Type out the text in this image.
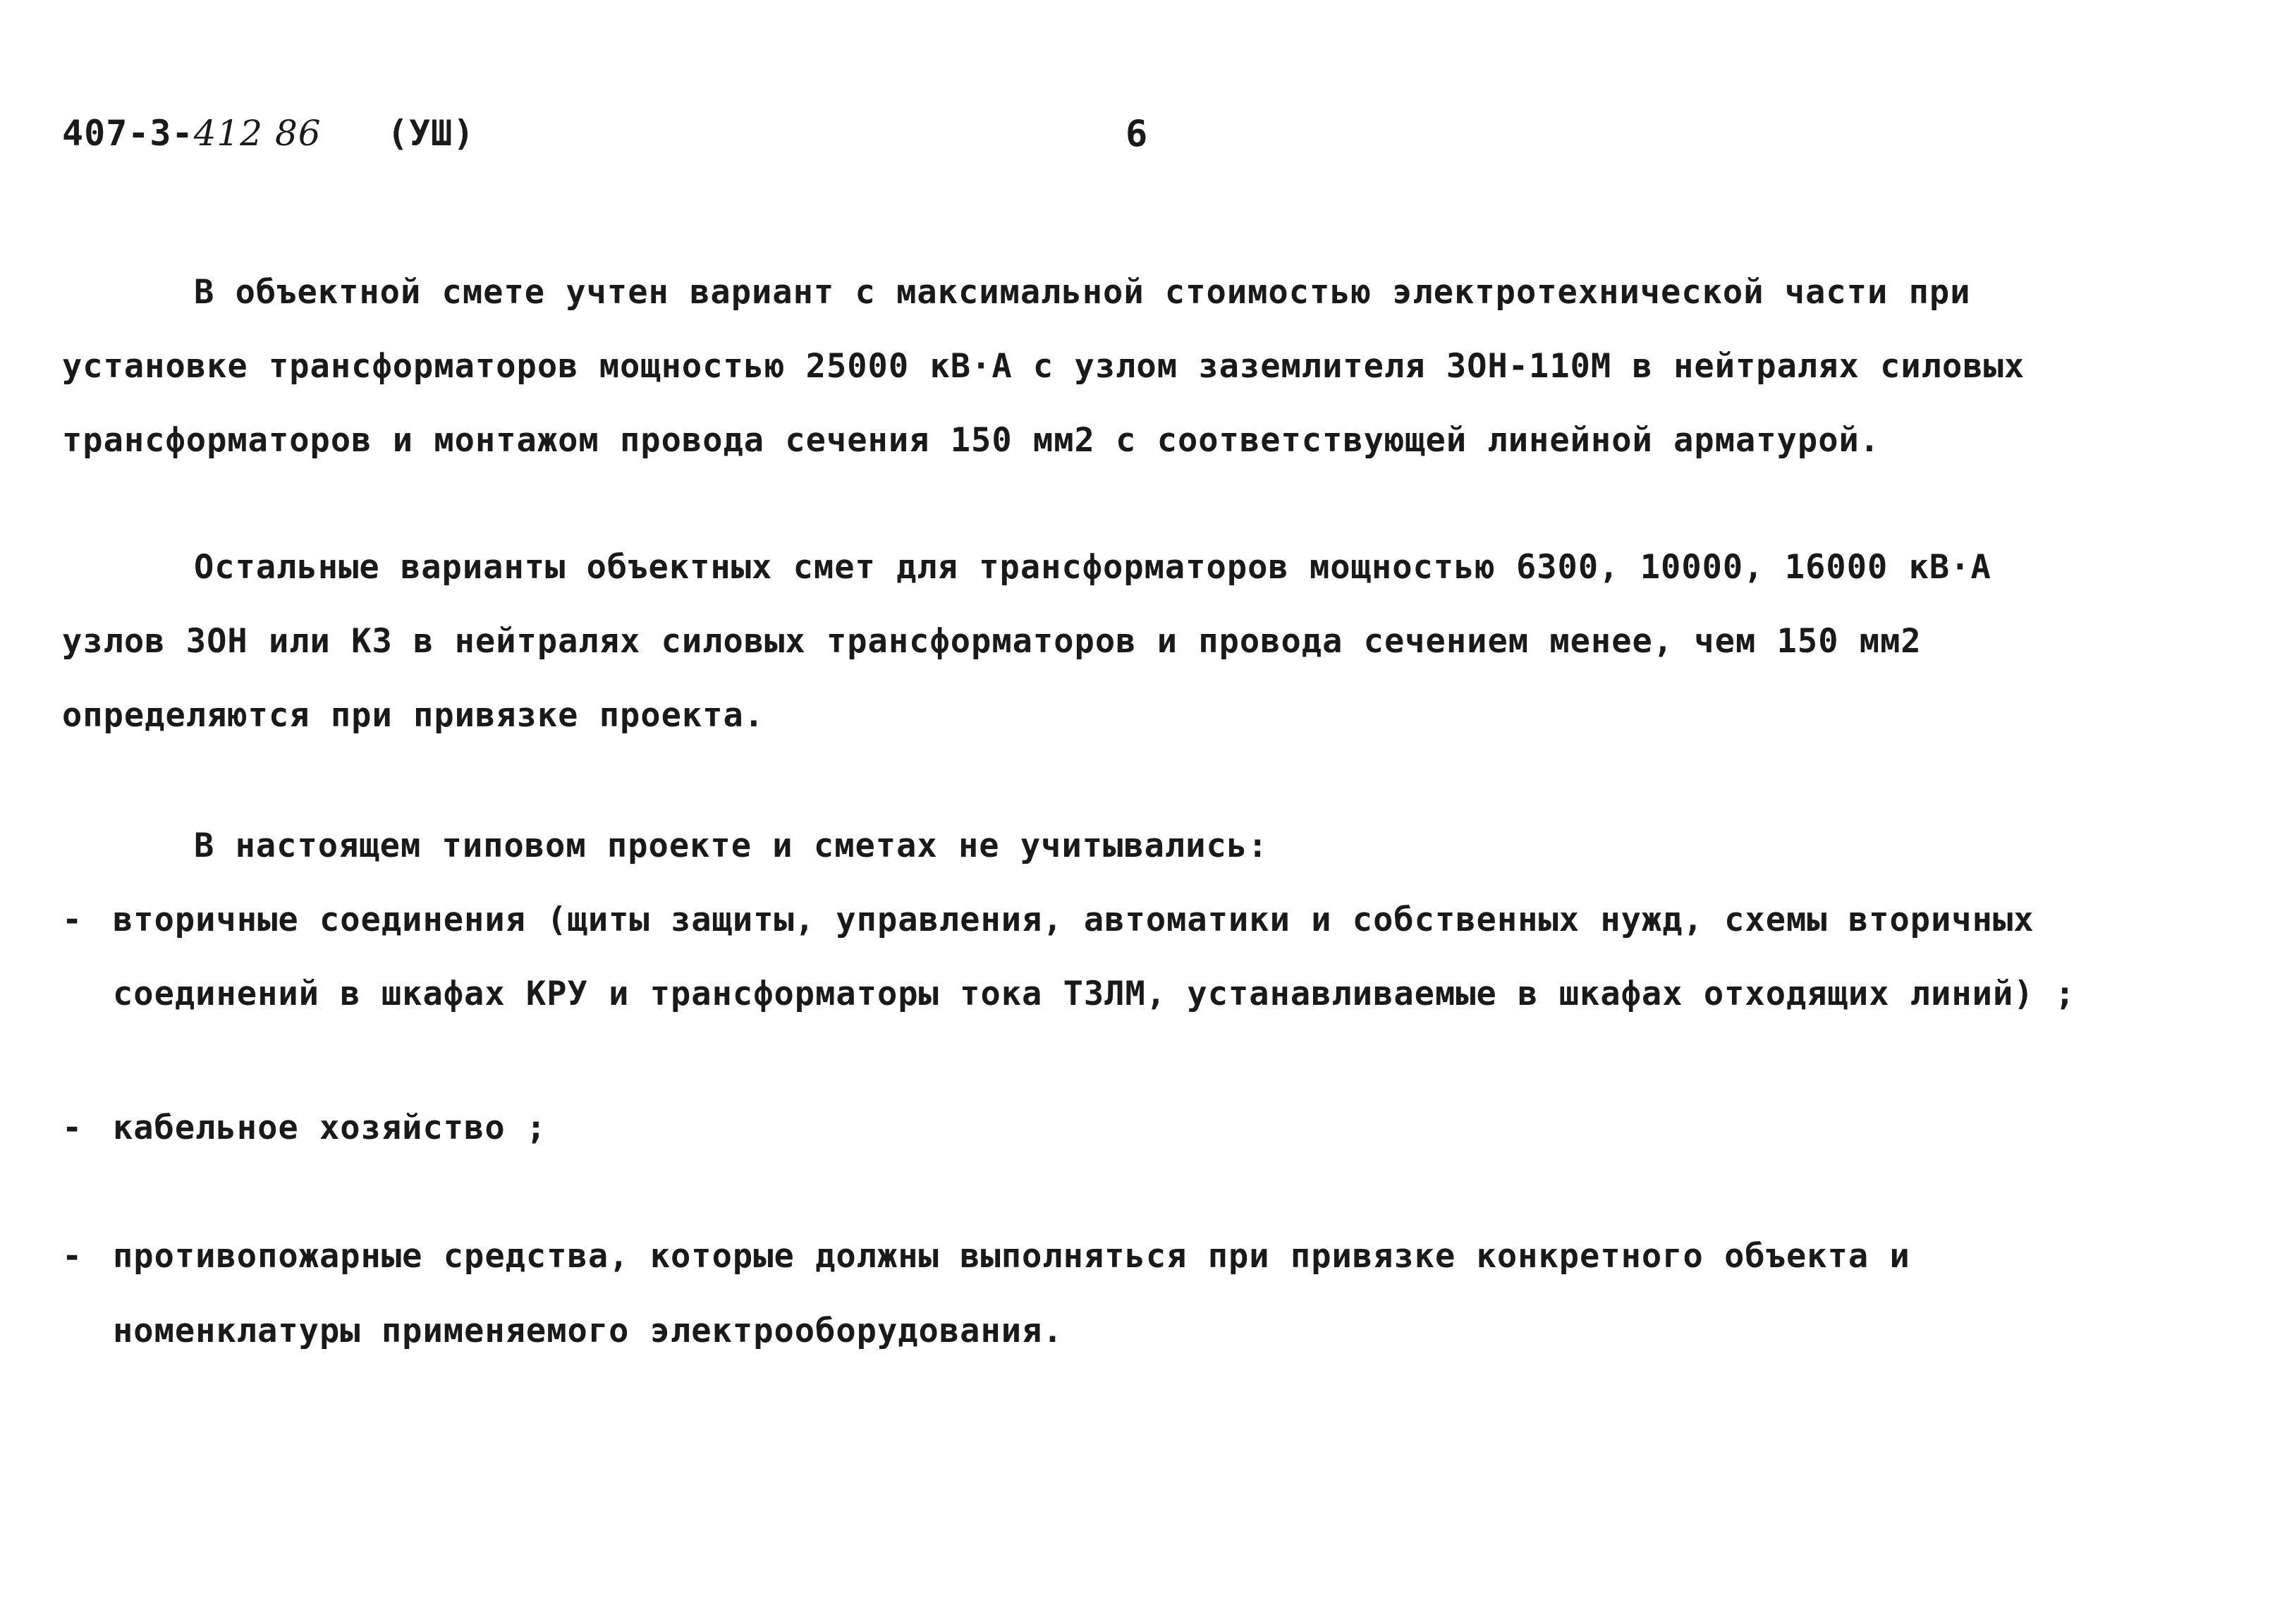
407-3-412 86 (УШ)	6
В объектной смете учтен вариант с максимальной стоимостью электротехнической части при
установке трансформаторов мощностью 25000 кВ·А с узлом заземлителя ЗОН-110М в нейтралях силовых
трансформаторов и монтажом провода сечения 150 мм2 с соответствующей линейной арматурой.
Остальные варианты объектных смет для трансформаторов мощностью 6300, 10000, 16000 кВ·А
узлов ЗОН или КЗ в нейтралях силовых трансформаторов и провода сечением менее, чем 150 мм2
определяются при привязке проекта.
В настоящем типовом проекте и сметах не учитывались:
- вторичные соединения (щиты защиты, управления, автоматики и собственных нужд, схемы вторичных
соединений в шкафах КРУ и трансформаторы тока ТЗЛМ, устанавливаемые в шкафах отходящих линий) ;
- кабельное хозяйство ;
- противопожарные средства, которые должны выполняться при привязке конкретного объекта и
номенклатуры применяемого электрооборудования.
